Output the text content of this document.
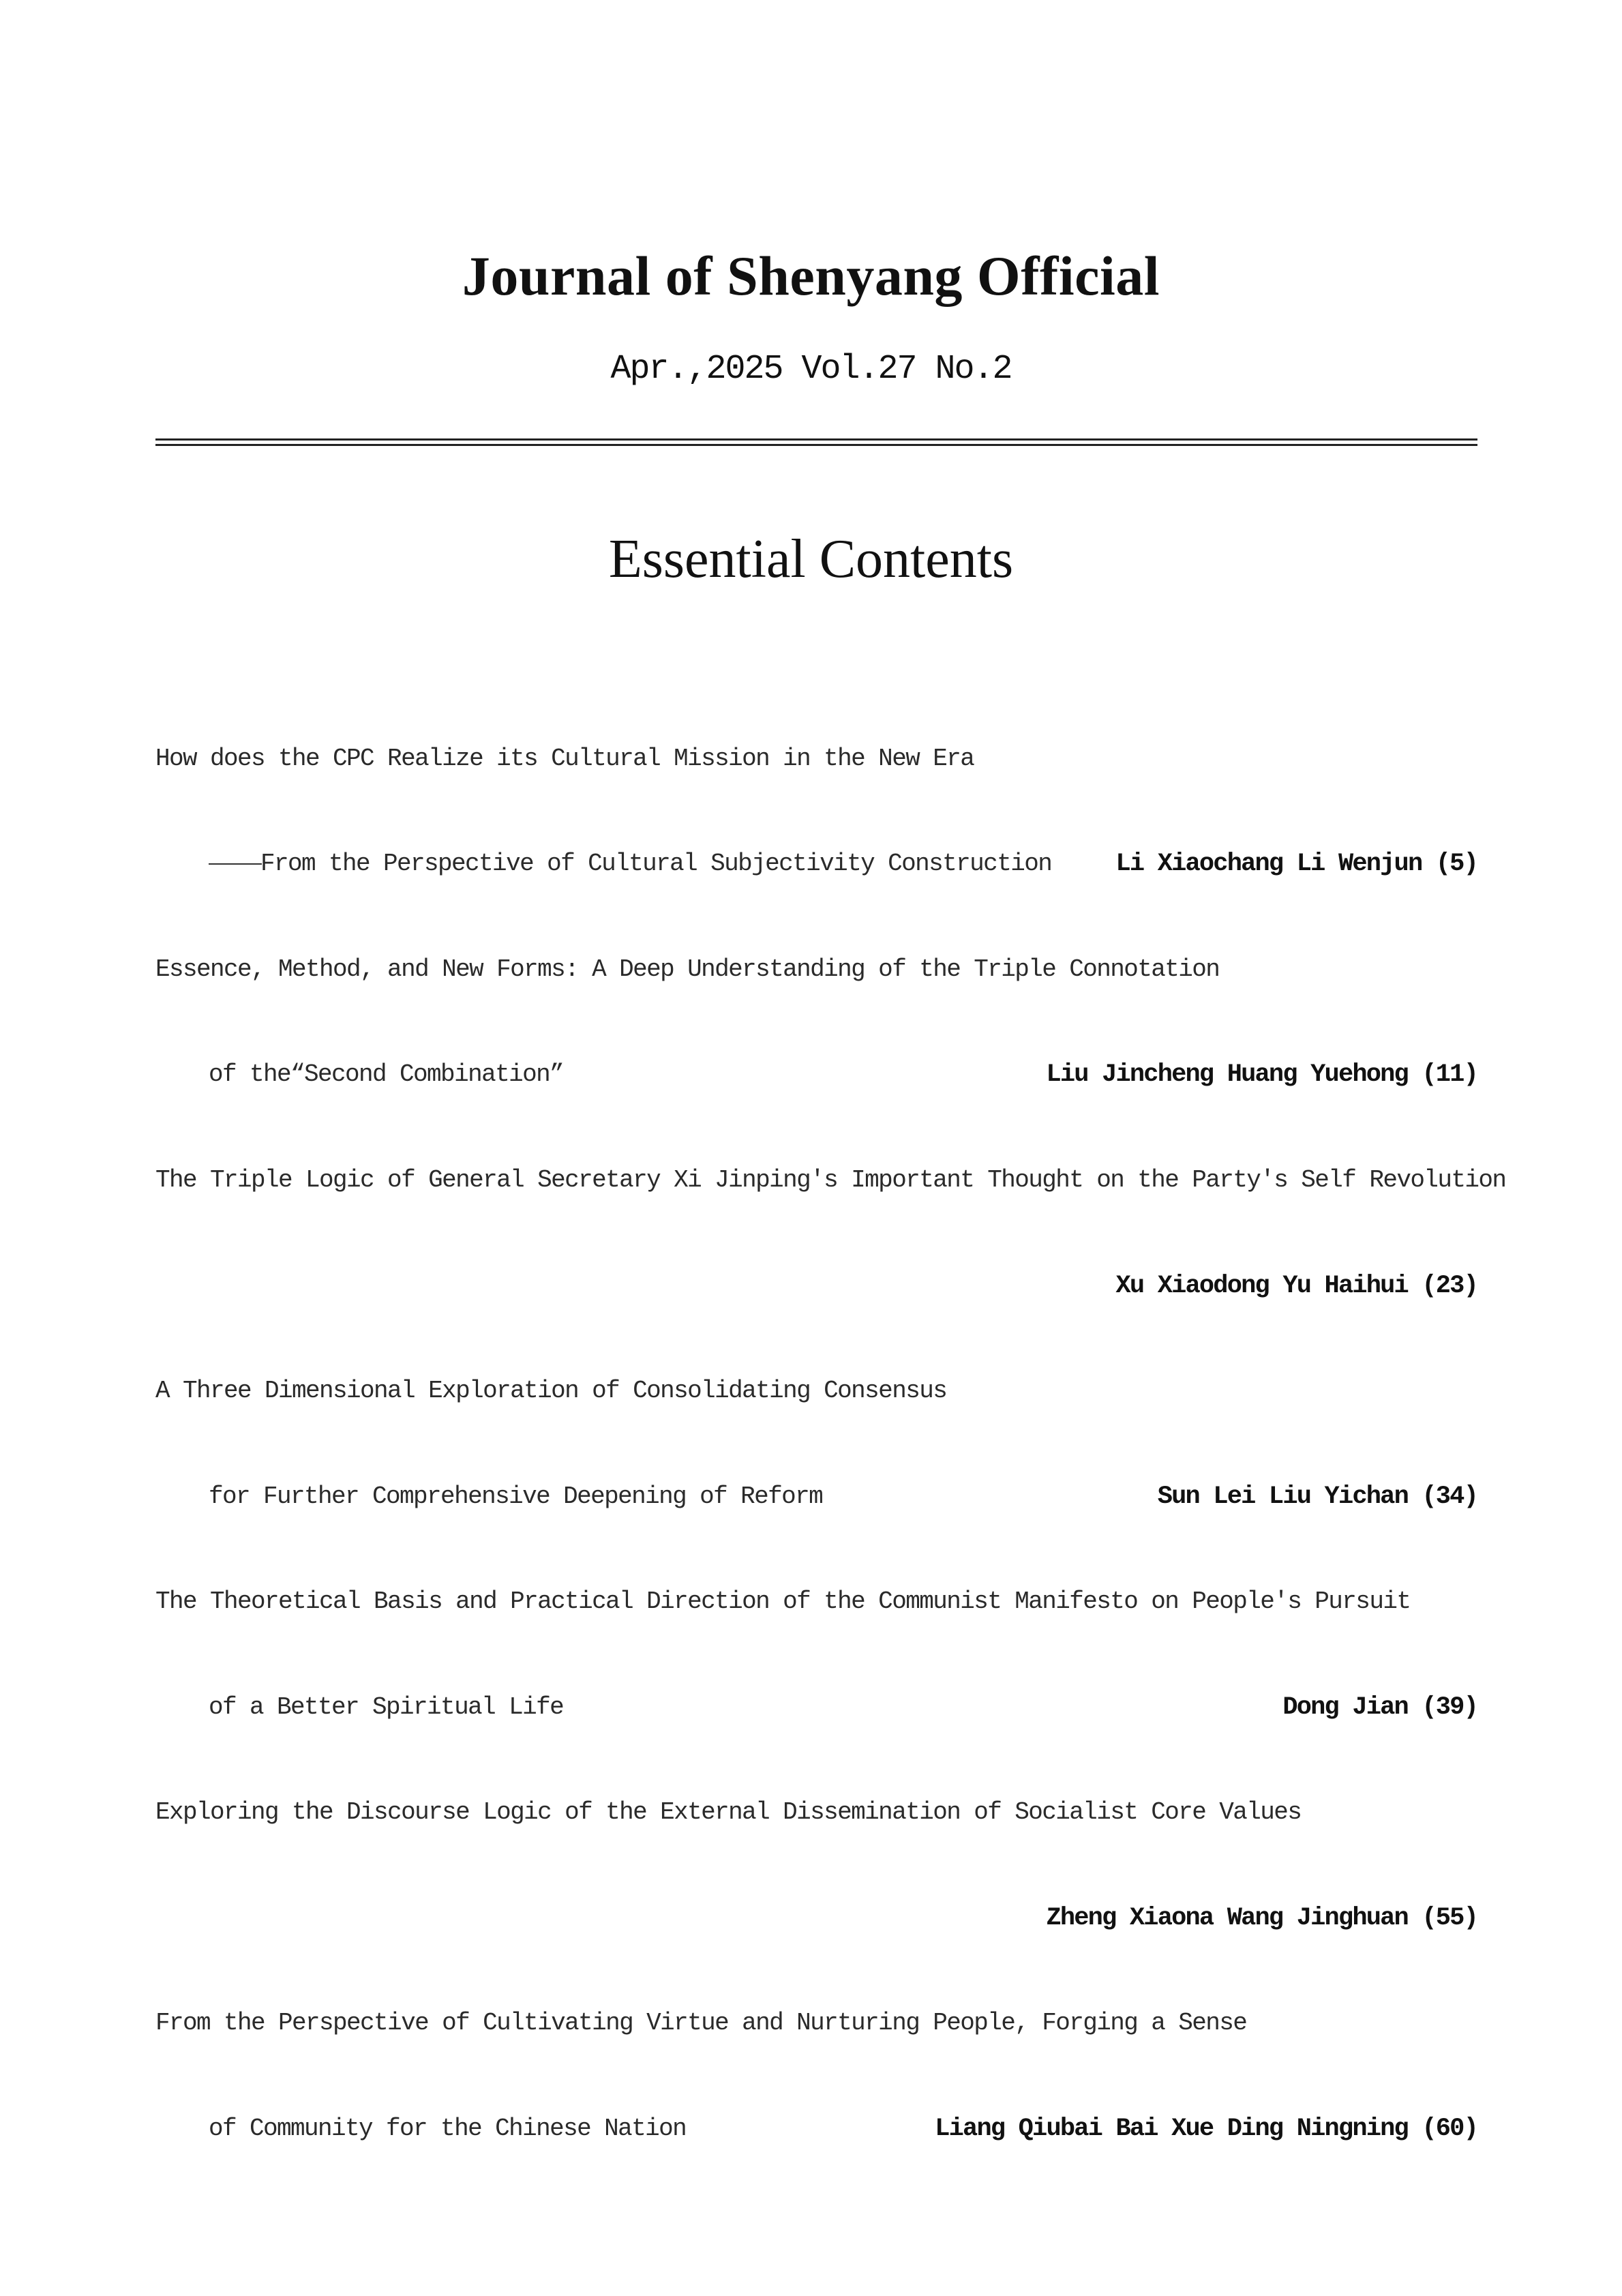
Journal of Shenyang Official
Apr.,2025 Vol.27 No.2
Essential Contents
How does the CPC Realize its Cultural Mission in the New Era
From the Perspective of Cultural Subjectivity Construction	Li Xiaochang Li Wenjun (5)
Essence, Method, and New Forms: A Deep Understanding of the Triple Connotation
of the“Second Combination”	Liu Jincheng Huang Yuehong (11)
The Triple Logic of General Secretary Xi Jinping's Important Thought on the Party's Self Revolution
Xu Xiaodong Yu Haihui (23)
A Three Dimensional Exploration of Consolidating Consensus
for Further Comprehensive Deepening of Reform	Sun Lei Liu Yichan (34)
The Theoretical Basis and Practical Direction of the Communist Manifesto on People's Pursuit
of a Better Spiritual Life	Dong Jian (39)
Exploring the Discourse Logic of the External Dissemination of Socialist Core Values
Zheng Xiaona Wang Jinghuan (55)
From the Perspective of Cultivating Virtue and Nurturing People, Forging a Sense
of Community for the Chinese Nation	Liang Qiubai Bai Xue Ding Ningning (60)
